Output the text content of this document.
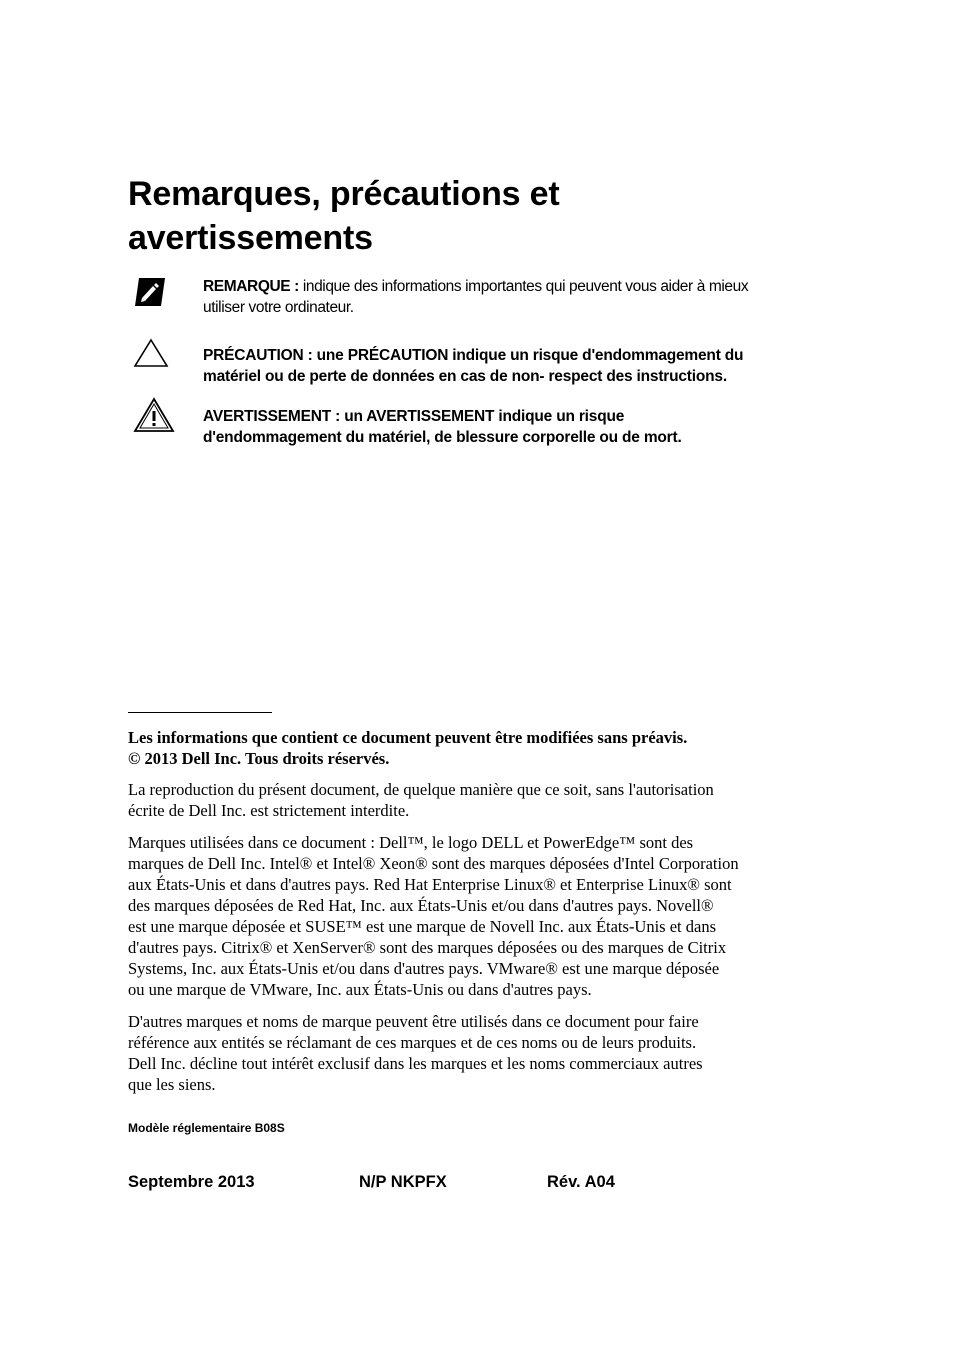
Remarques, précautions et
avertissements
REMARQUE : indique des informations importantes qui peuvent vous aider à mieux
utiliser votre ordinateur.
PRÉCAUTION : une PRÉCAUTION indique un risque d'endommagement du
matériel ou de perte de données en cas de non- respect des instructions.
AVERTISSEMENT : un AVERTISSEMENT indique un risque
d'endommagement du matériel, de blessure corporelle ou de mort.

Les informations que contient ce document peuvent être modifiées sans préavis.

© 2013 Dell Inc. Tous droits réservés.

La reproduction du présent document, de quelque manière que ce soit, sans l'autorisation

écrite de Dell Inc. est strictement interdite.

Marques utilisées dans ce document : Dell™, le logo DELL et PowerEdge™ sont des

marques de Dell Inc. Intel® et Intel® Xeon® sont des marques déposées d'Intel Corporation

aux États-Unis et dans d'autres pays. Red Hat Enterprise Linux® et Enterprise Linux® sont

des marques déposées de Red Hat, Inc. aux États-Unis et/ou dans d'autres pays. Novell®

est une marque déposée et SUSE™ est une marque de Novell Inc. aux États-Unis et dans

d'autres pays. Citrix® et XenServer® sont des marques déposées ou des marques de Citrix

Systems, Inc. aux États-Unis et/ou dans d'autres pays. VMware® est une marque déposée

ou une marque de VMware, Inc. aux États-Unis ou dans d'autres pays.

D'autres marques et noms de marque peuvent être utilisés dans ce document pour faire

référence aux entités se réclamant de ces marques et de ces noms ou de leurs produits.

Dell Inc. décline tout intérêt exclusif dans les marques et les noms commerciaux autres

que les siens.

Modèle réglementaire B08S
Septembre 2013	N/P NKPFX	Rév. A04
